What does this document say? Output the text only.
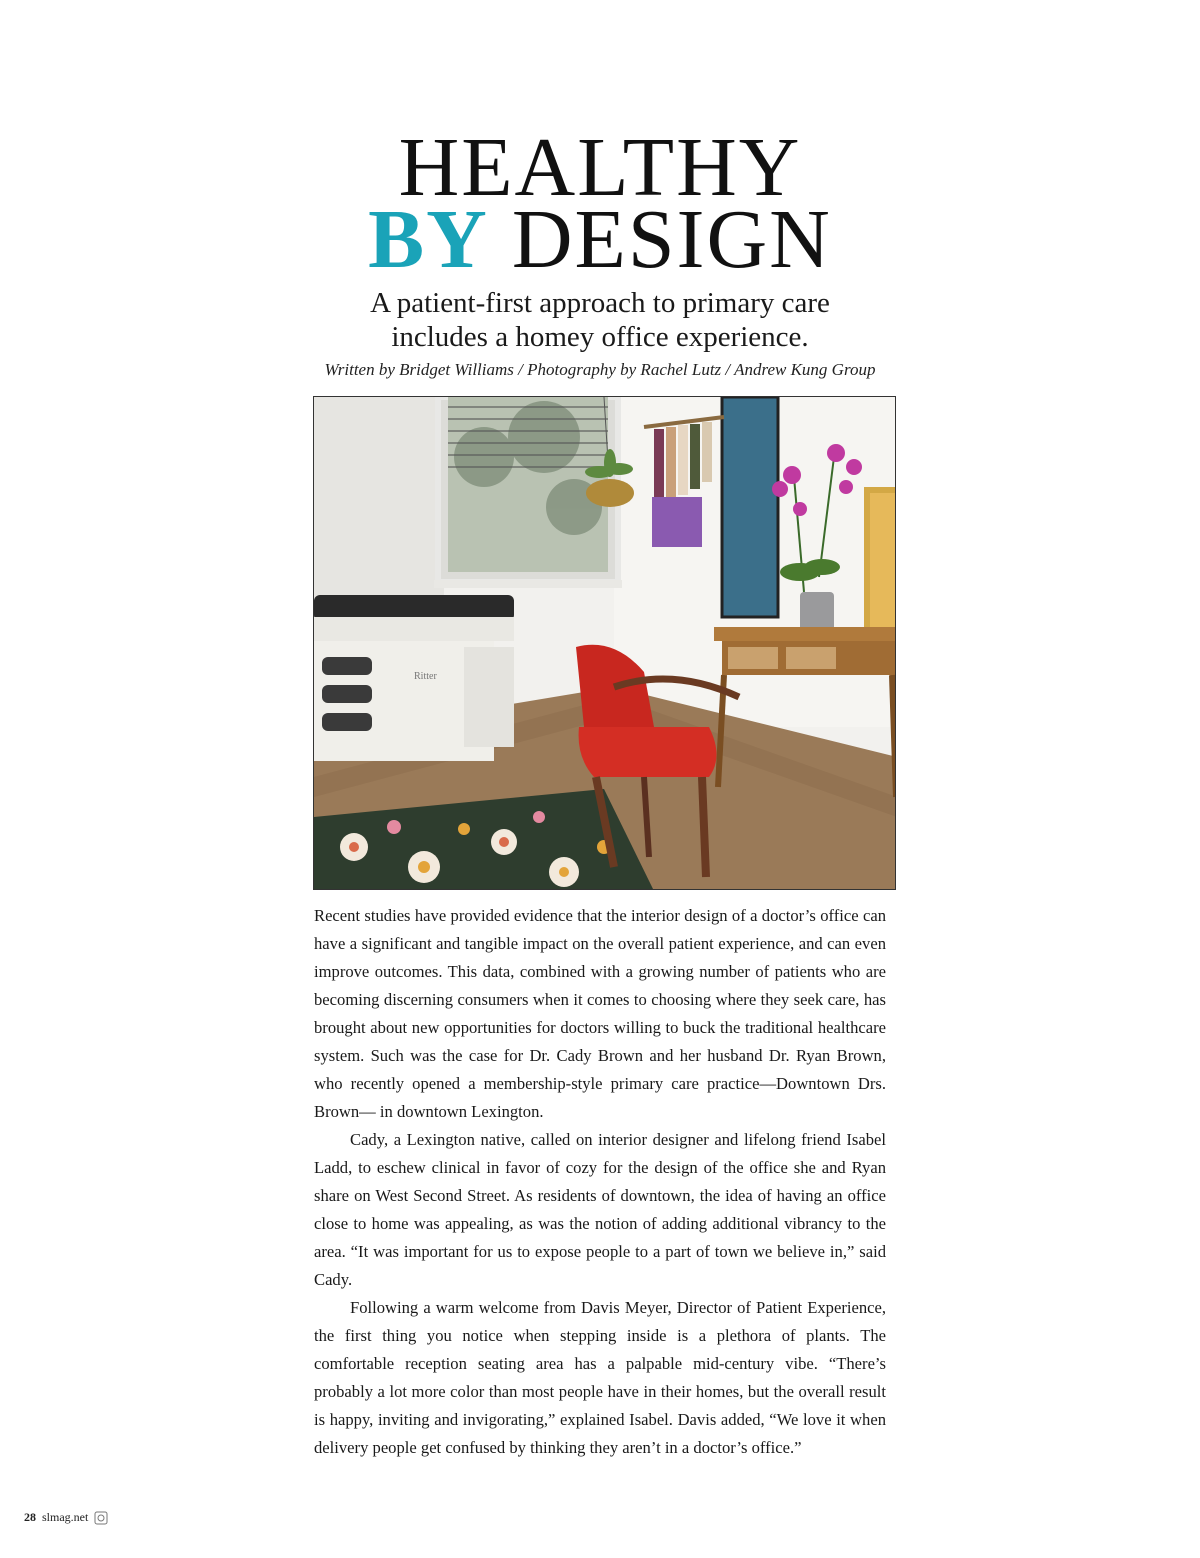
HEALTHY
BY DESIGN
A patient-first approach to primary care
includes a homey office experience.
Written by Bridget Williams / Photography by Rachel Lutz / Andrew Kung Group
Ritter

Recent studies have provided evidence that the interior design of a doctor’s office can have a significant and tangible impact on the overall patient experience, and can even improve outcomes. This data, combined with a growing number of patients who are becoming discerning consumers when it comes to choosing where they seek care, has brought about new opportunities for doctors willing to buck the traditional healthcare system. Such was the case for Dr. Cady Brown and her husband Dr. Ryan Brown, who recently opened a membership-style primary care practice—Downtown Drs. Brown— in downtown Lexington.

Cady, a Lexington native, called on interior designer and lifelong friend Isabel Ladd, to eschew clinical in favor of cozy for the design of the office she and Ryan share on West Second Street. As residents of downtown, the idea of having an office close to home was appealing, as was the notion of adding additional vibrancy to the area. “It was important for us to expose people to a part of town we believe in,” said Cady.

Following a warm welcome from Davis Meyer, Director of Patient Experience, the first thing you notice when stepping inside is a plethora of plants. The comfortable reception seating area has a palpable mid-century vibe. “There’s probably a lot more color than most people have in their homes, but the overall result is happy, inviting and invigorating,” explained Isabel. Davis added, “We love it when delivery people get confused by thinking they aren’t in a doctor’s office.”

28 slmag.net
